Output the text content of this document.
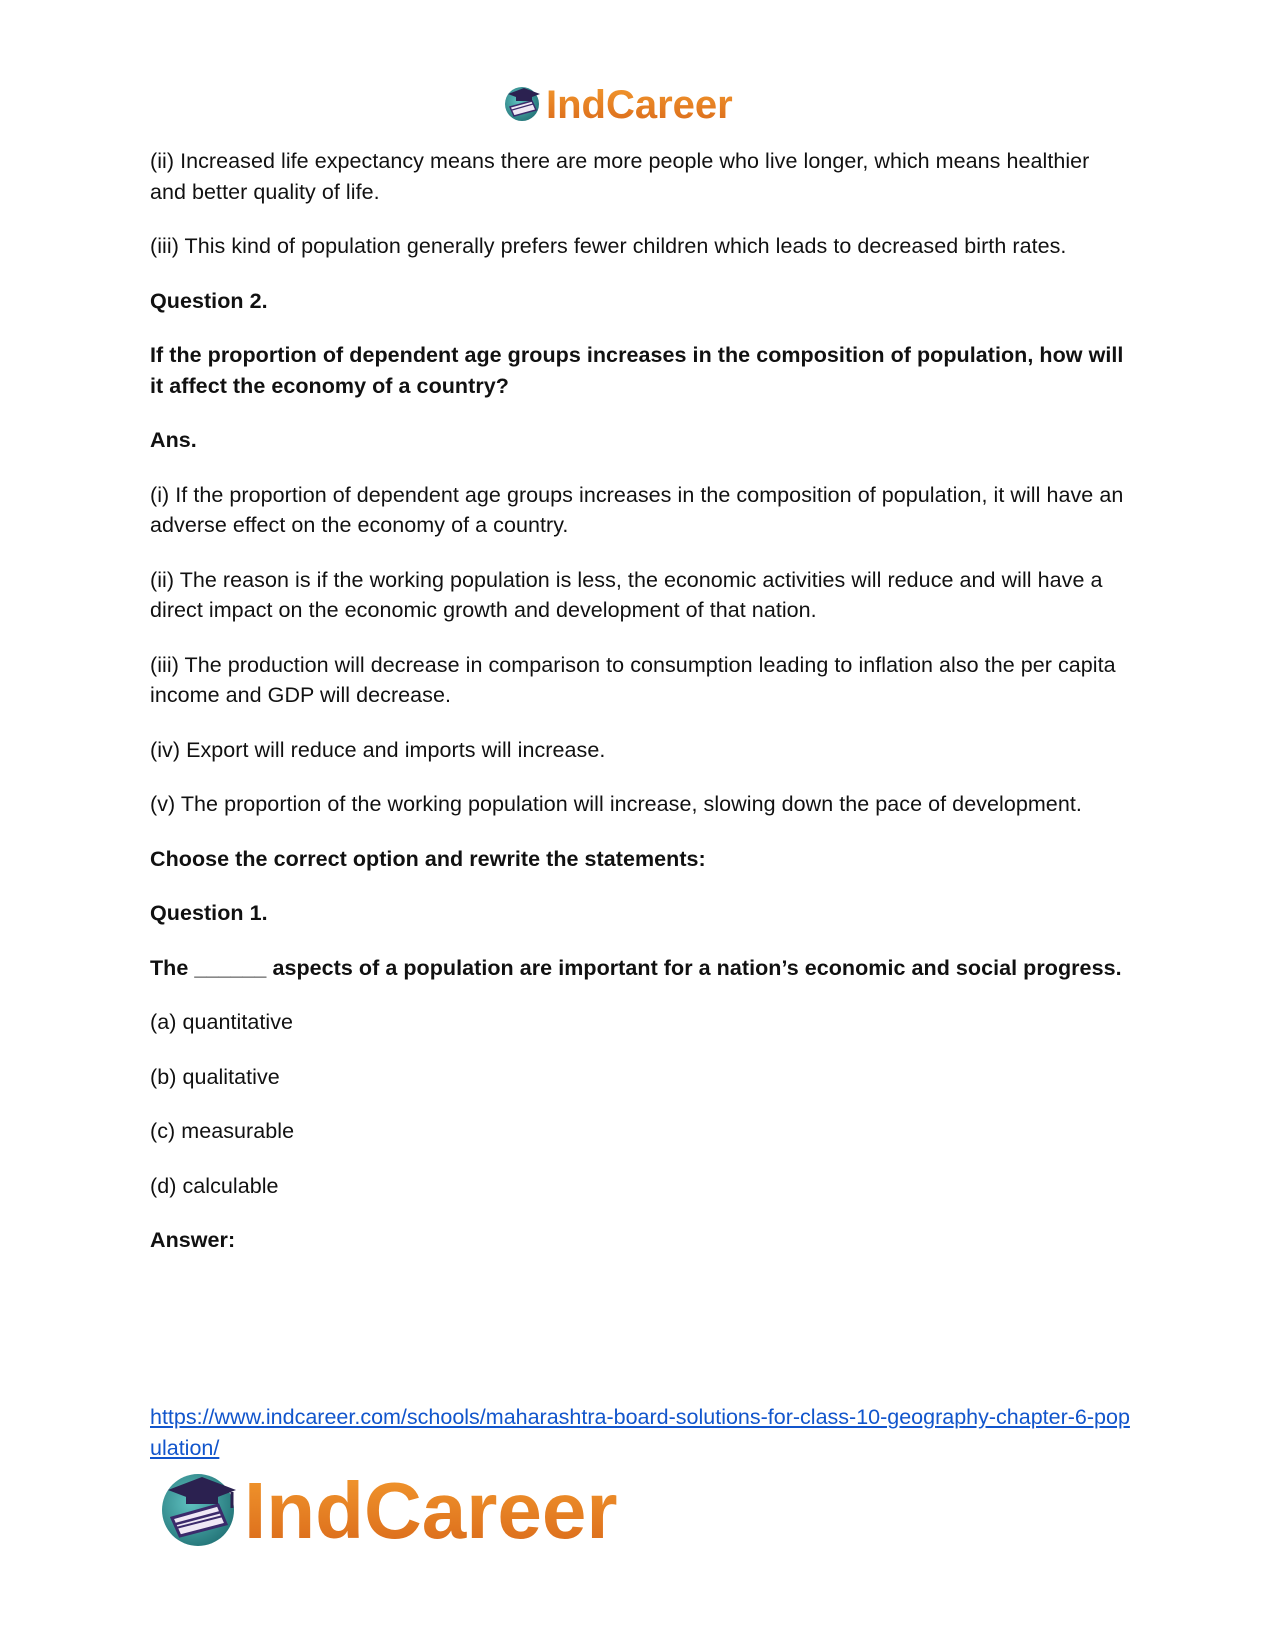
IndCareer

(ii) Increased life expectancy means there are more people who live longer, which means healthier and better quality of life.

(iii) This kind of population generally prefers fewer children which leads to decreased birth rates.

Question 2.

If the proportion of dependent age groups increases in the composition of population, how will it affect the economy of a country?

Ans.

(i) If the proportion of dependent age groups increases in the composition of population, it will have an adverse effect on the economy of a country.

(ii) The reason is if the working population is less, the economic activities will reduce and will have a direct impact on the economic growth and development of that nation.

(iii) The production will decrease in comparison to consumption leading to inflation also the per capita income and GDP will decrease.

(iv) Export will reduce and imports will increase.

(v) The proportion of the working population will increase, slowing down the pace of development.

Choose the correct option and rewrite the statements:

Question 1.

The ______ aspects of a population are important for a nation’s economic and social progress.

(a) quantitative

(b) qualitative

(c) measurable

(d) calculable

Answer:

https://www.indcareer.com/schools/maharashtra-board-solutions-for-class-10-geography-chapter-6-population/
IndCareer
